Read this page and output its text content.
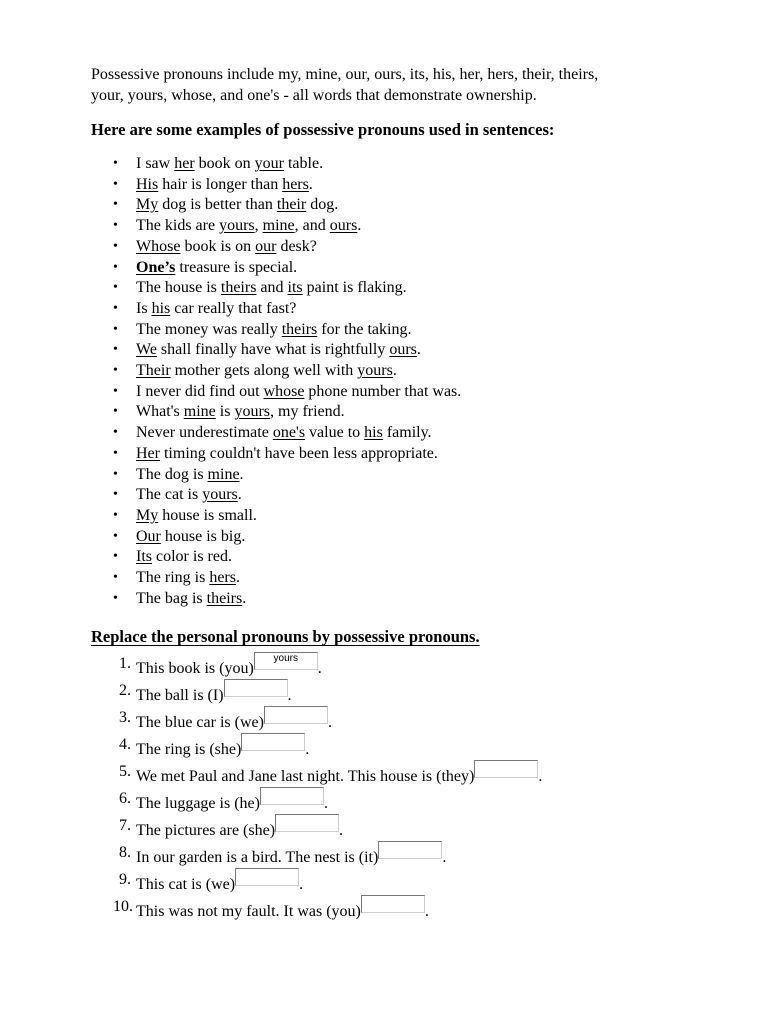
Possessive pronouns include my, mine, our, ours, its, his, her, hers, their, theirs,
your, yours, whose, and one's - all words that demonstrate ownership.

Here are some examples of possessive pronouns used in sentences:

• I saw her book on your table.
• His hair is longer than hers.
• My dog is better than their dog.
• The kids are yours, mine, and ours.
• Whose book is on our desk?
• One’s treasure is special.
• The house is theirs and its paint is flaking.
• Is his car really that fast?
• The money was really theirs for the taking.
• We shall finally have what is rightfully ours.
• Their mother gets along well with yours.
• I never did find out whose phone number that was.
• What's mine is yours, my friend.
• Never underestimate one's value to his family.
• Her timing couldn't have been less appropriate.
• The dog is mine.
• The cat is yours.
• My house is small.
• Our house is big.
• Its color is red.
• The ring is hers.
• The bag is theirs.

Replace the personal pronouns by possessive pronouns.

1. This book is (you)yours.
2. The ball is (I)	.
3. The blue car is (we)	.
4. The ring is (she)	.
5. We met Paul and Jane last night. This house is (they)	.
6. The luggage is (he)	.
7. The pictures are (she)	.
8. In our garden is a bird. The nest is (it)	.
9. This cat is (we)	.
10. This was not my fault. It was (you)	.
